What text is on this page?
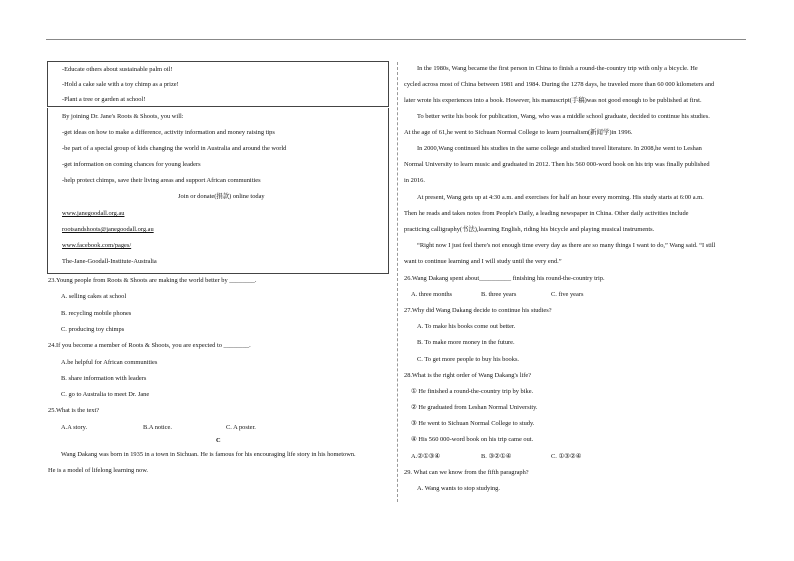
-Educate others about sustainable palm oil!
-Hold a cake sale with a toy chimp as a prize!
-Plant a tree or garden at school!
By joining Dr. Jane's Roots & Shoots, you will:
-get ideas on how to make a difference, activity information and money raising tips
-be part of a special group of kids changing the world in Australia and around the world
-get information on coming chances for young leaders
-help protect chimps, save their living areas and support African communities
Join or donate(捐款) online today
www.janegoodall.org.au
rootsandshoots@janegoodall.org.au
www.facebook.com/pages/
The-Jane-Goodall-Institute-Australia
23.Young people from Roots & Shoots are making the world better by ________.
A. selling cakes at school
B. recycling mobile phones
C. producing toy chimps
24.If you become a member of Roots & Shoots, you are expected to ________.
A.be helpful for African communities
B. share information with leaders
C. go to Australia to meet Dr. Jane
25.What is the text?
A.A story.	B.A notice.	C. A poster.
C
Wang Dakang was born in 1935 in a town in Sichuan. He is famous for his encouraging life story in his hometown.
He is a model of lifelong learning now.
In the 1980s, Wang became the first person in China to finish a round-the-country trip with only a bicycle. He
cycled across most of China between 1981 and 1984. During the 1278 days, he traveled more than 60 000 kilometers and
later wrote his experiences into a book. However, his manuscript(手稿)was not good enough to be published at first.
To better write his book for publication, Wang, who was a middle school graduate, decided to continue his studies.
At the age of 61,he went to Sichuan Normal College to learn journalism(新闻学)in 1996.
In 2000,Wang continued his studies in the same college and studied travel literature. In 2008,he went to Leshan
Normal University to learn music and graduated in 2012. Then his 560 000-word book on his trip was finally published
in 2016.
At present, Wang gets up at 4:30 a.m. and exercises for half an hour every morning. His study starts at 6:00 a.m.
Then he reads and takes notes from People's Daily, a leading newspaper in China. Other daily activities include
practicing calligraphy(书法),learning English, riding his bicycle and playing musical instruments.
“Right now I just feel there's not enough time every day as there are so many things I want to do,” Wang said. “I still
want to continue learning and I will study until the very end.”
26.Wang Dakang spent about__________ finishing his round-the-country trip.
A. three months	B. three years	C. five years
27.Why did Wang Dakang decide to continue his studies?
A. To make his books come out better.
B. To make more money in the future.
C. To get more people to buy his books.
28.What is the right order of Wang Dakang's life?
① He finished a round-the-country trip by bike.
② He graduated from Leshan Normal University.
③ He went to Sichuan Normal College to study.
④ His 560 000-word book on his trip came out.
A.②①③④	B. ③②①④	C. ①③②④
29. What can we know from the fifth paragraph?
A. Wang wants to stop studying.
